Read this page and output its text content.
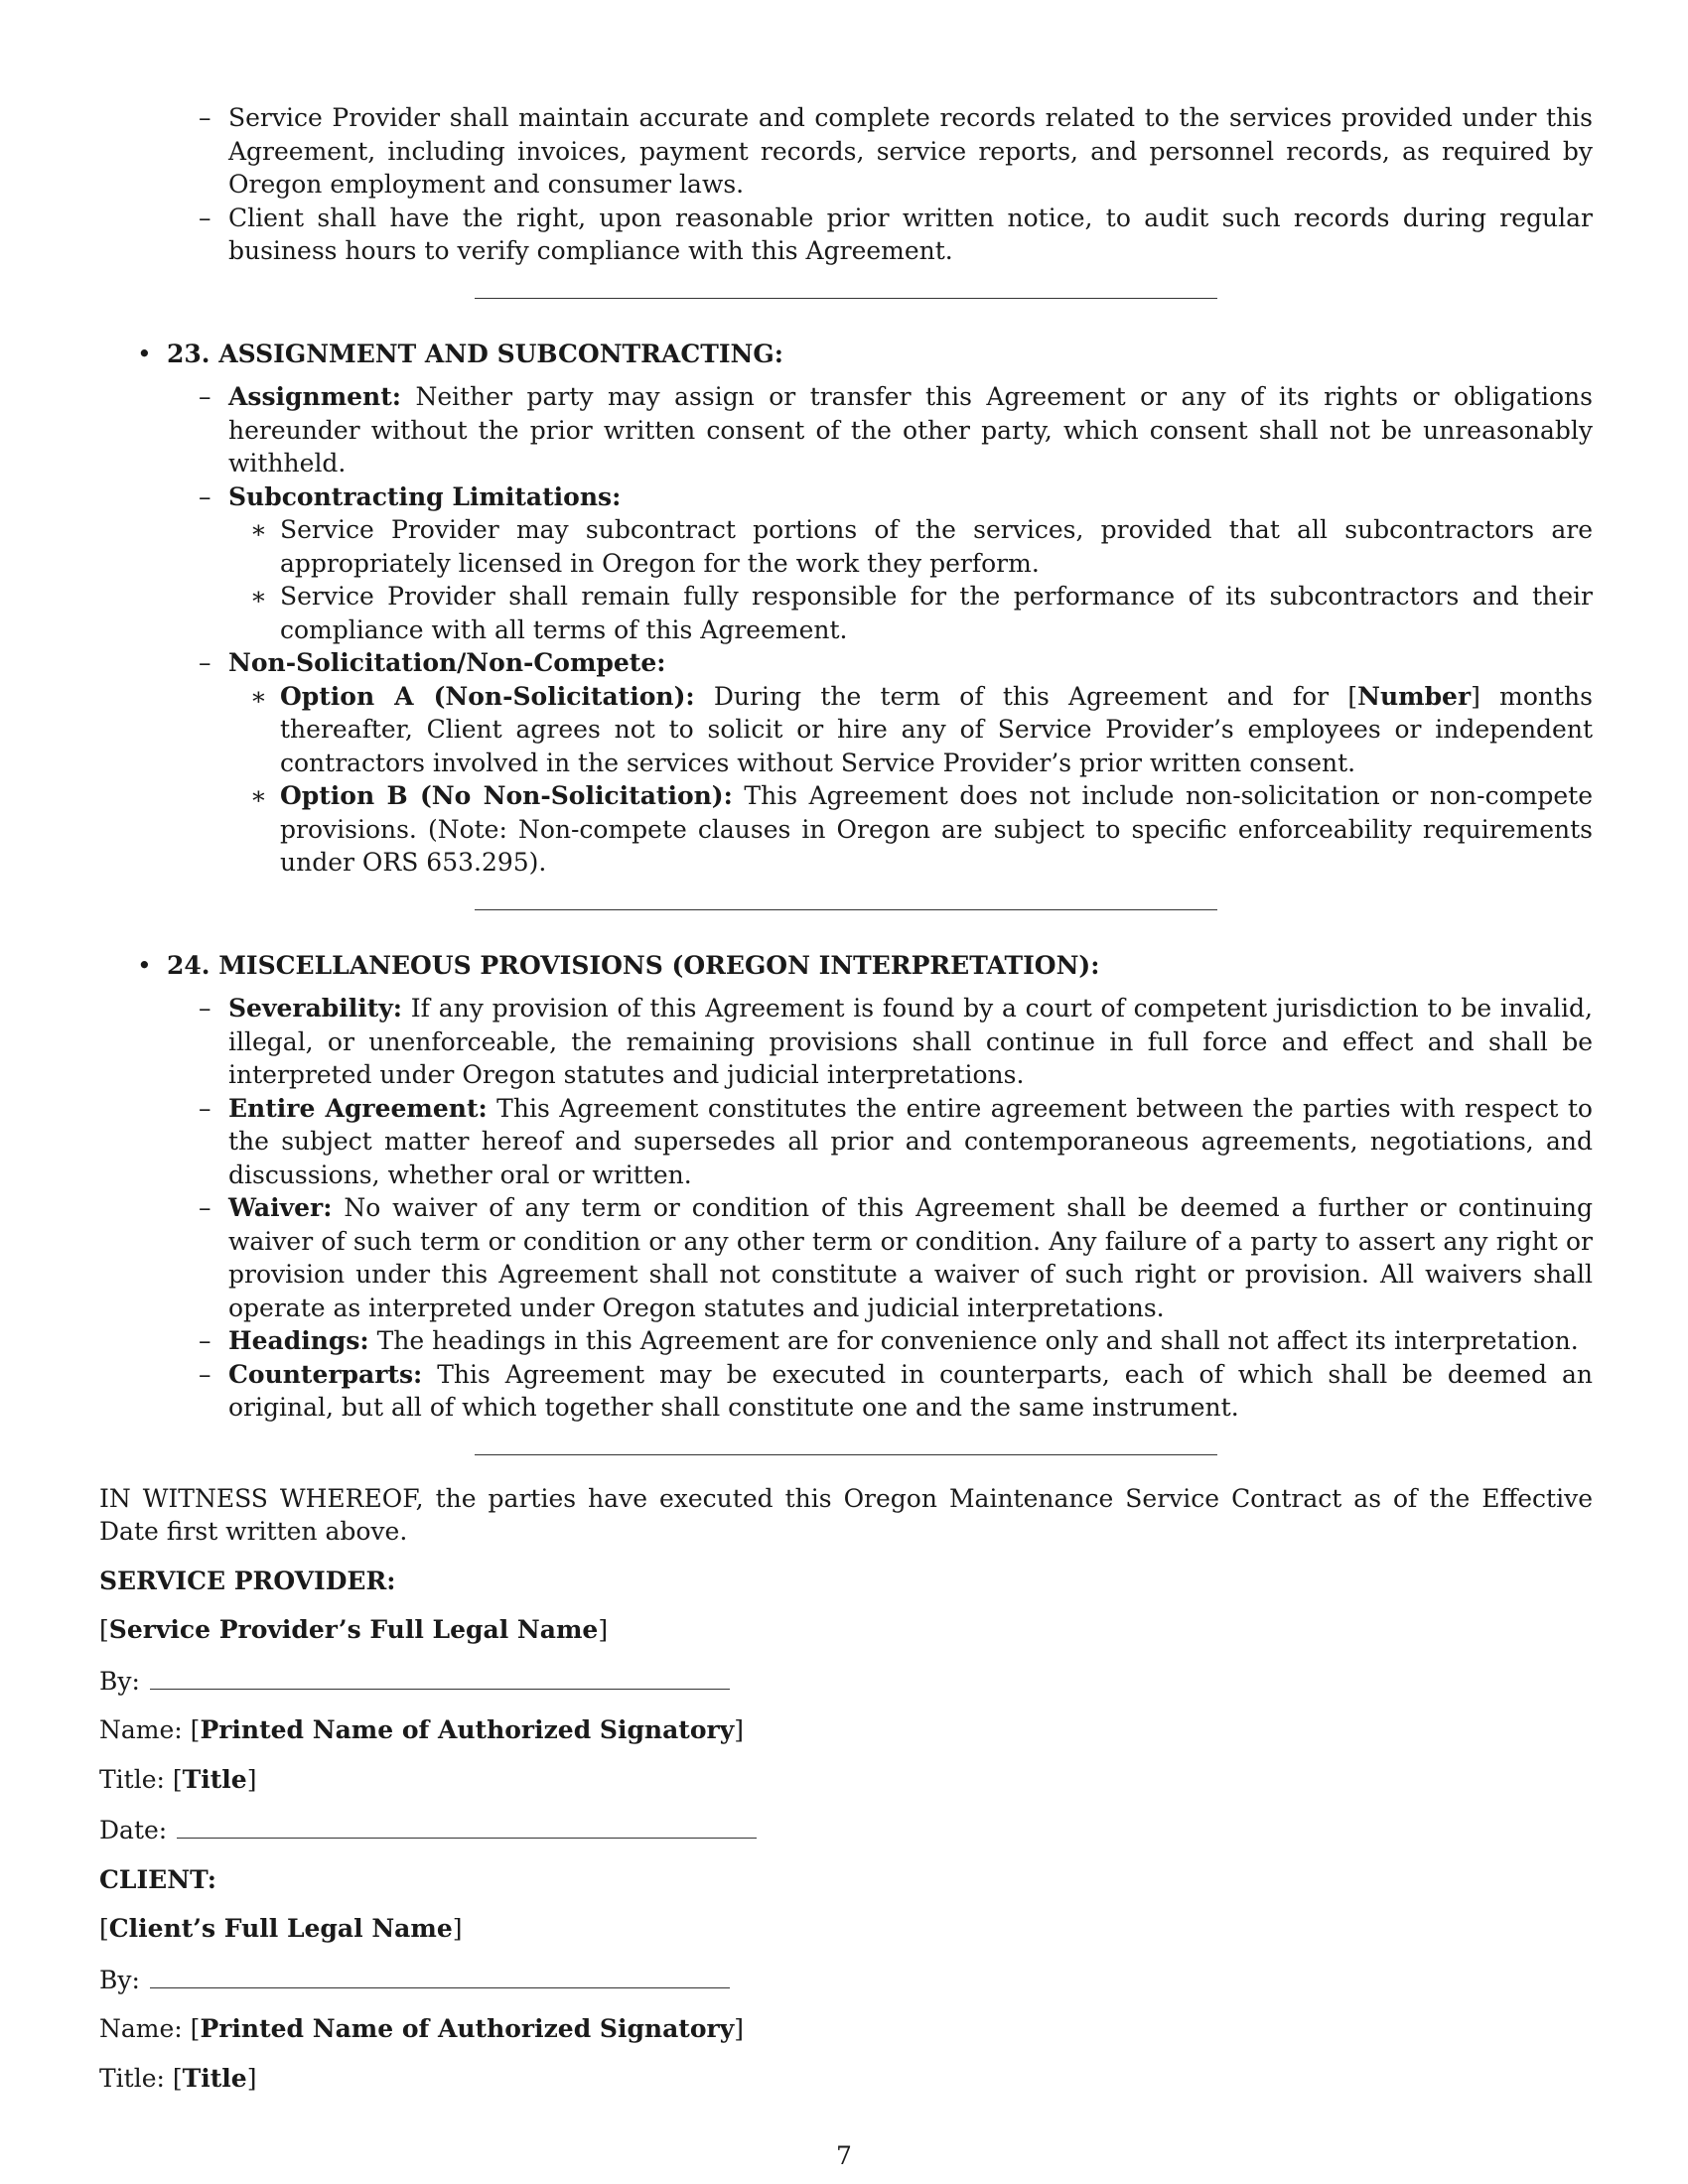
– Service Provider shall maintain accurate and complete records related to the services provided under this Agreement, including invoices, payment records, service reports, and personnel records, as required by Oregon employment and consumer laws.
– Client shall have the right, upon reasonable prior written notice, to audit such records during regular business hours to verify compliance with this Agreement.
• 23. ASSIGNMENT AND SUBCONTRACTING:
– Assignment: Neither party may assign or transfer this Agreement or any of its rights or obligations hereunder without the prior written consent of the other party, which consent shall not be unreasonably withheld.
– Subcontracting Limitations:
∗ Service Provider may subcontract portions of the services, provided that all subcontractors are appropriately licensed in Oregon for the work they perform.
∗ Service Provider shall remain fully responsible for the performance of its subcontractors and their compliance with all terms of this Agreement.
– Non-Solicitation/Non-Compete:
∗ Option A (Non-Solicitation): During the term of this Agreement and for [Number] months thereafter, Client agrees not to solicit or hire any of Service Provider’s employees or independent contractors involved in the services without Service Provider’s prior written consent.
∗ Option B (No Non-Solicitation): This Agreement does not include non-solicitation or non-compete provisions. (Note: Non-compete clauses in Oregon are subject to specific enforceability requirements under ORS 653.295).
• 24. MISCELLANEOUS PROVISIONS (OREGON INTERPRETATION):
– Severability: If any provision of this Agreement is found by a court of competent jurisdiction to be invalid, illegal, or unenforceable, the remaining provisions shall continue in full force and effect and shall be interpreted under Oregon statutes and judicial interpretations.
– Entire Agreement: This Agreement constitutes the entire agreement between the parties with respect to the subject matter hereof and supersedes all prior and contemporaneous agreements, negotiations, and discussions, whether oral or written.
– Waiver: No waiver of any term or condition of this Agreement shall be deemed a further or continuing waiver of such term or condition or any other term or condition. Any failure of a party to assert any right or provision under this Agreement shall not constitute a waiver of such right or provision. All waivers shall operate as interpreted under Oregon statutes and judicial interpretations.
– Headings: The headings in this Agreement are for convenience only and shall not affect its interpretation.
– Counterparts: This Agreement may be executed in counterparts, each of which shall be deemed an original, but all of which together shall constitute one and the same instrument.
IN WITNESS WHEREOF, the parties have executed this Oregon Maintenance Service Contract as of the Effective Date first written above.
SERVICE PROVIDER:
[Service Provider’s Full Legal Name]
By:
Name: [Printed Name of Authorized Signatory]
Title: [Title]
Date:
CLIENT:
[Client’s Full Legal Name]
By:
Name: [Printed Name of Authorized Signatory]
Title: [Title]
7
